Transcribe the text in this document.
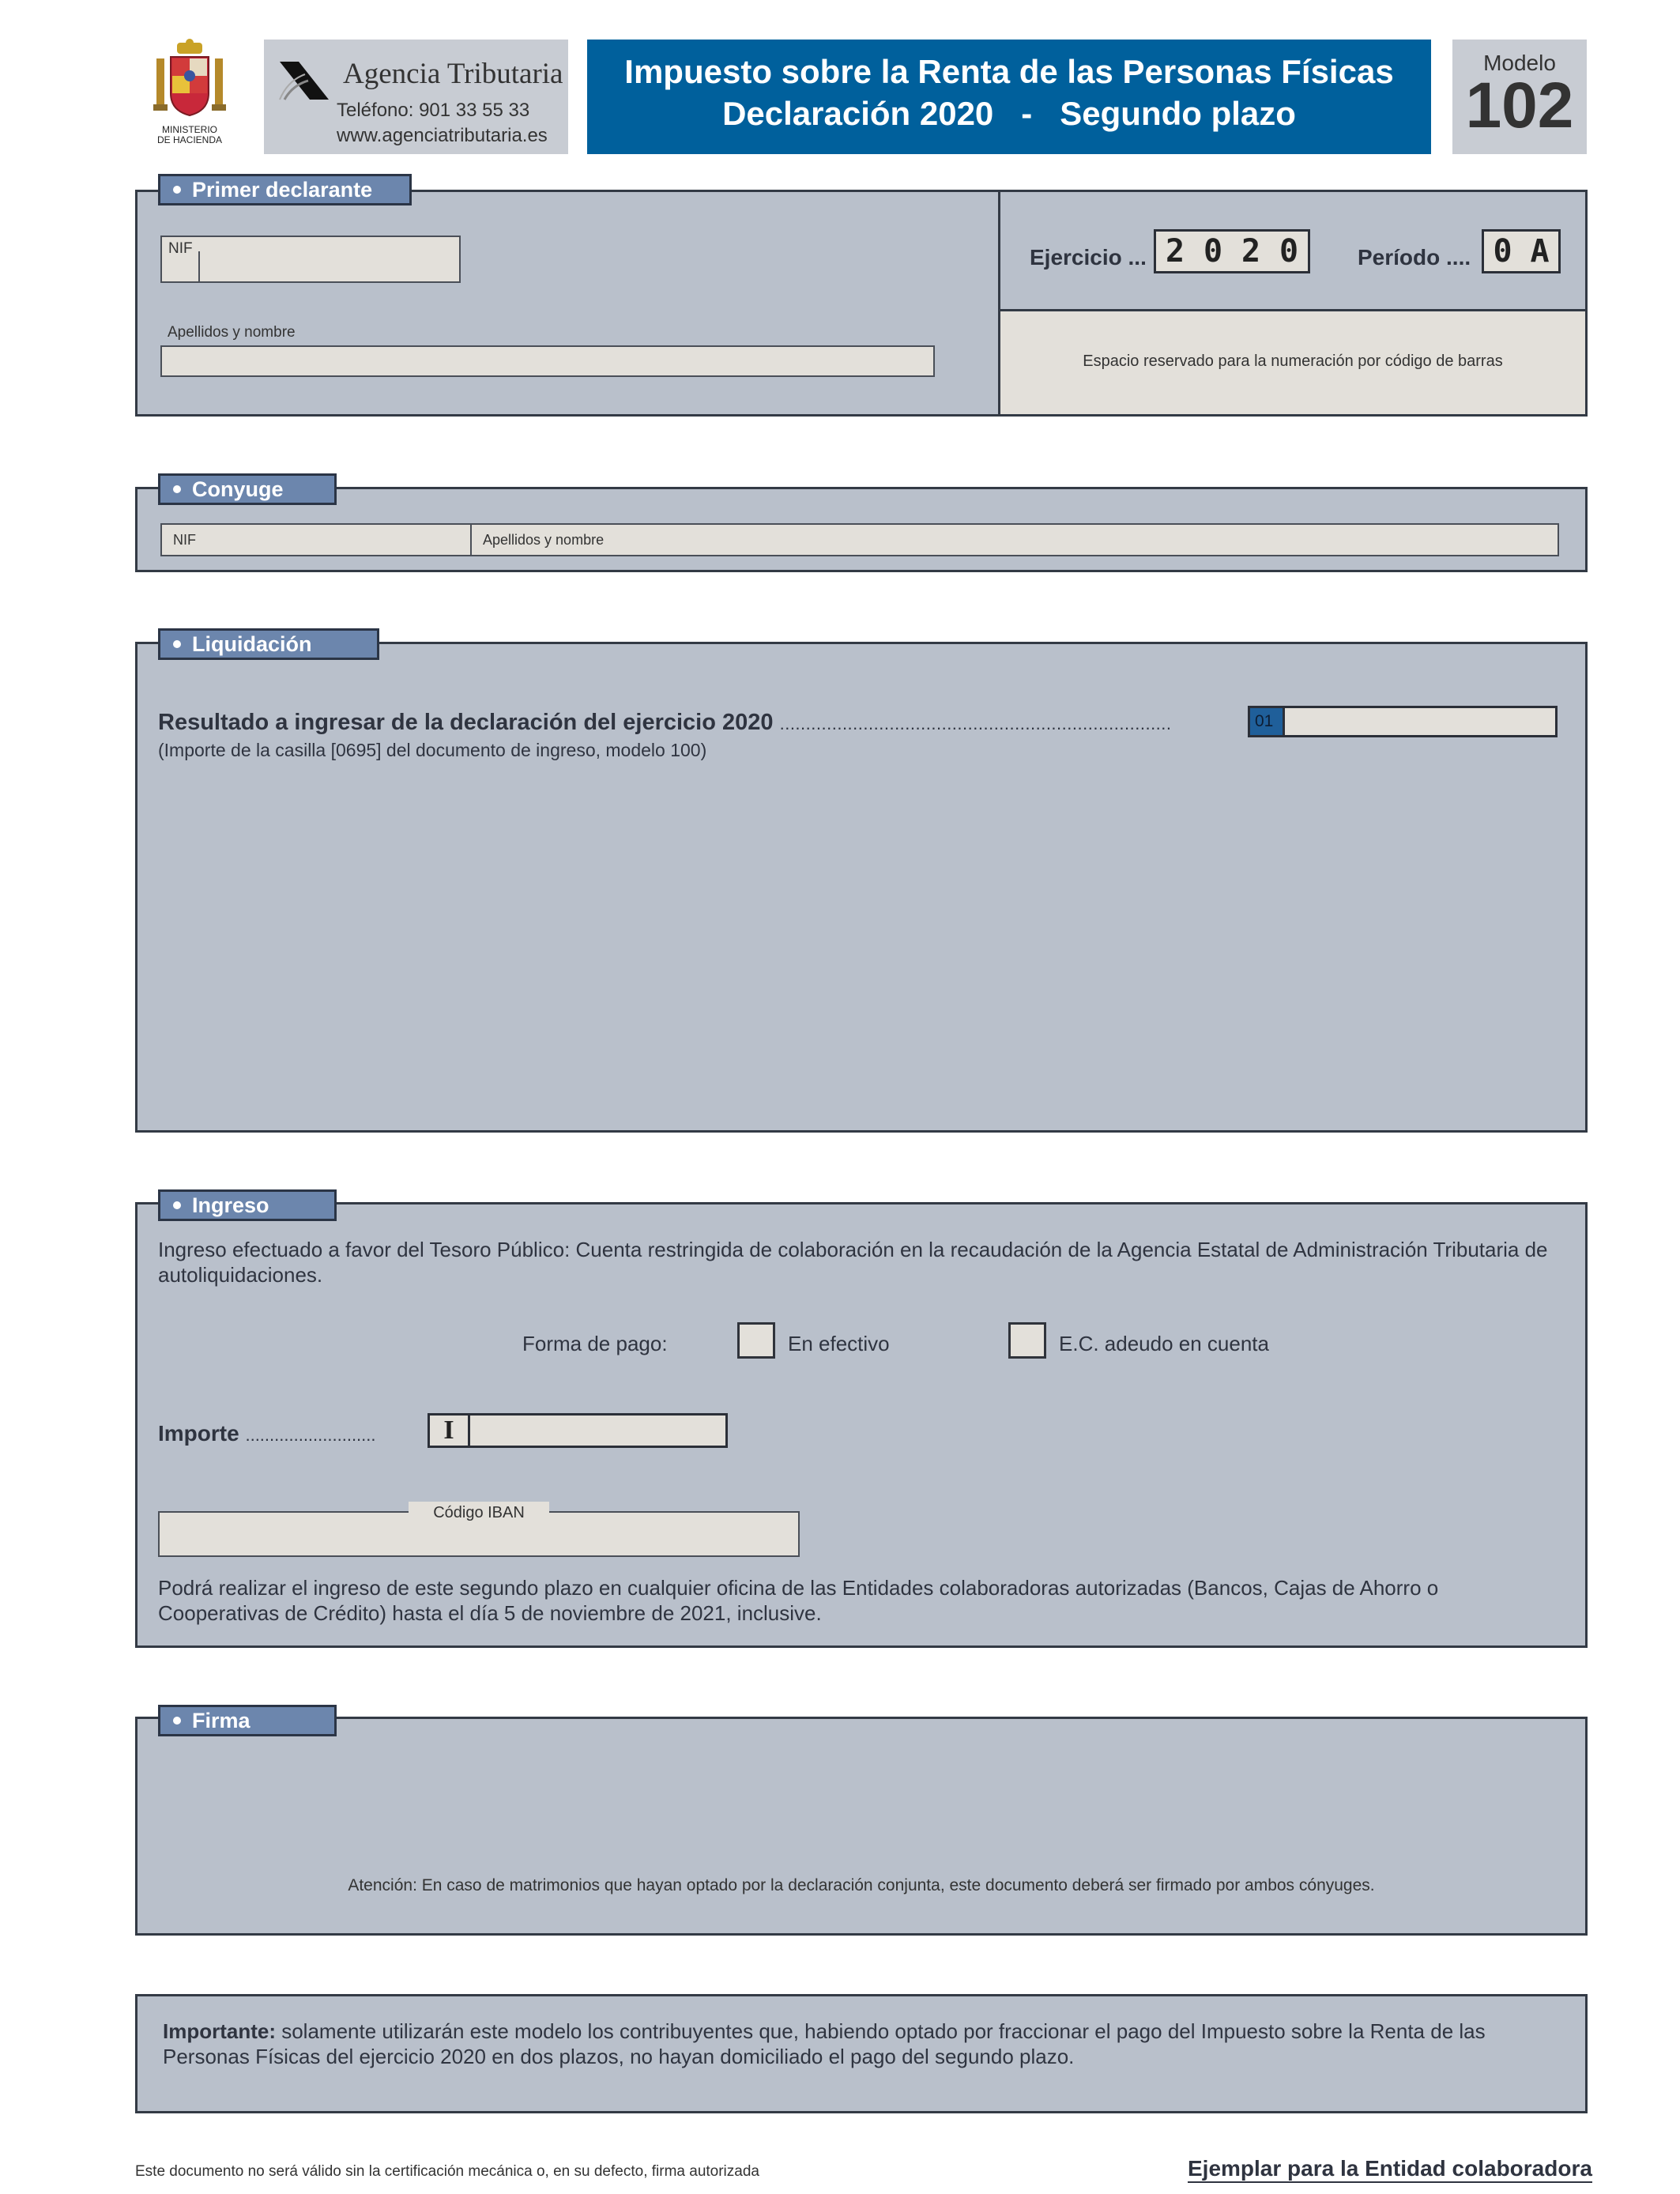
MINISTERIO
DE HACIENDA
Agencia Tributaria
Teléfono: 901 33 55 33
www.agenciatributaria.es
Impuesto sobre la Renta de las Personas Físicas
Declaración 2020   -   Segundo plazo
Modelo
102
Espacio reservado para la numeración por código de barras
Primer declarante
NIF
Apellidos y nombre
Ejercicio ... 2 0 2 0	Período .... 0 A
Conyuge
NIF	Apellidos y nombre
Liquidación
Resultado a ingresar de la declaración del ejercicio 2020 ...........................................................................
(Importe de la casilla [0695] del documento de ingreso, modelo 100)
01
Ingreso
Ingreso efectuado a favor del Tesoro Público: Cuenta restringida de colaboración en la recaudación de la Agencia Estatal de Administración Tributaria de autoliquidaciones.
Forma de pago:	En efectivo	E.C. adeudo en cuenta
Importe ...........................	I
Código IBAN
Podrá realizar el ingreso de este segundo plazo en cualquier oficina de las Entidades colaboradoras autorizadas (Bancos, Cajas de Ahorro o Cooperativas de Crédito) hasta el día 5 de noviembre de 2021, inclusive.
Firma
Atención: En caso de matrimonios que hayan optado por la declaración conjunta, este documento deberá ser firmado por ambos cónyuges.
Importante: solamente utilizarán este modelo los contribuyentes que, habiendo optado por fraccionar el pago del Impuesto sobre la Renta de las Personas Físicas del ejercicio 2020 en dos plazos, no hayan domiciliado el pago del segundo plazo.
Este documento no será válido sin la certificación mecánica o, en su defecto, firma autorizada	Ejemplar para la Entidad colaboradora
